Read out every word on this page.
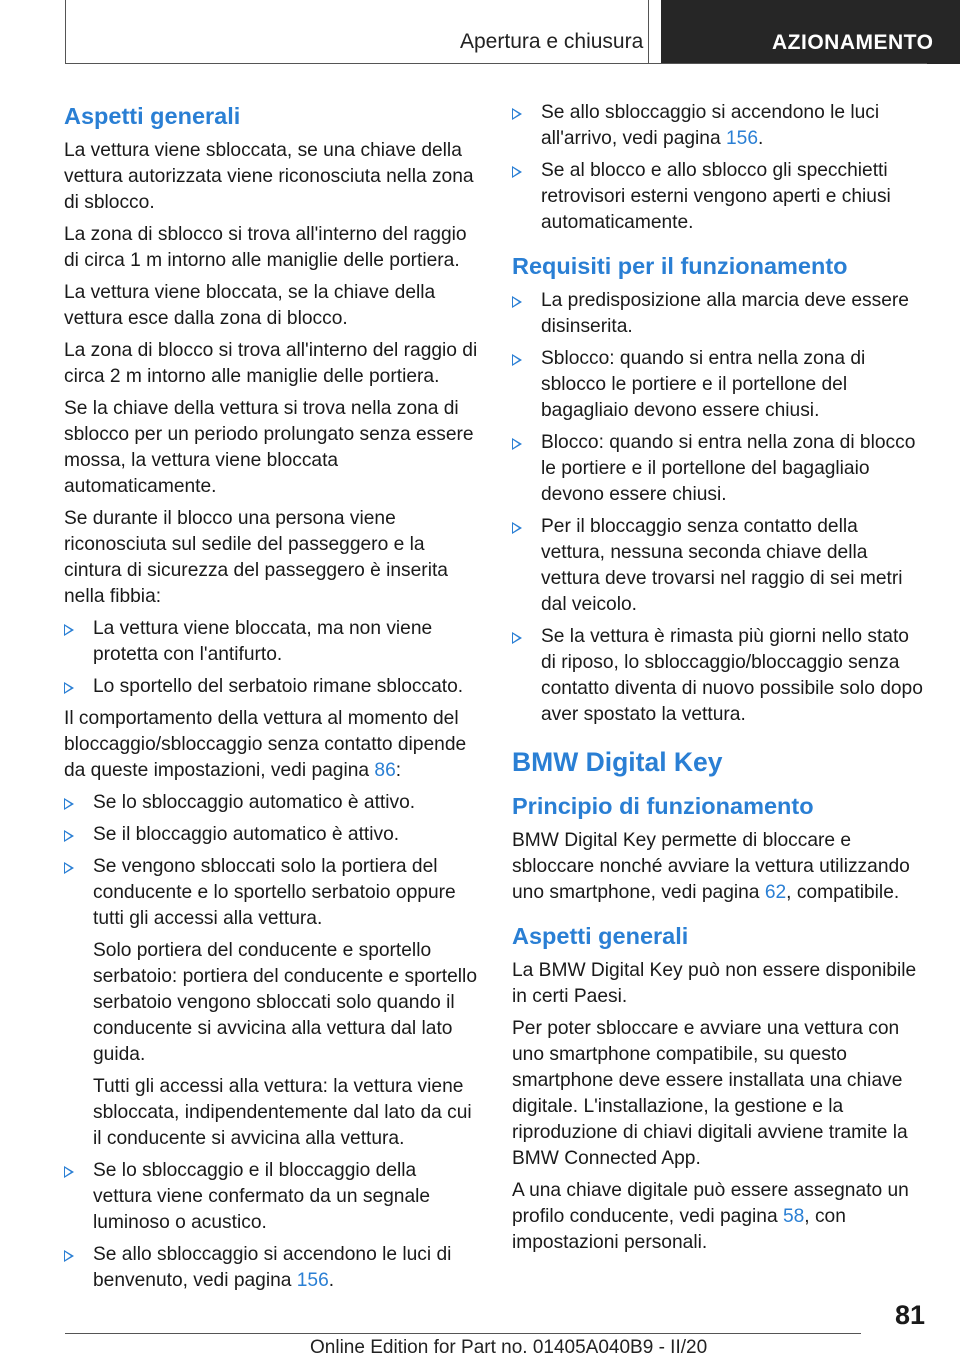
Apertura e chiusura	AZIONAMENTO
Aspetti generali

La vettura viene sbloccata, se una chiave della vettura autorizzata viene riconosciuta nella zona di sblocco.

La zona di sblocco si trova all'interno del raggio di circa 1 m intorno alle maniglie delle portiera.

La vettura viene bloccata, se la chiave della vettura esce dalla zona di blocco.

La zona di blocco si trova all'interno del raggio di circa 2 m intorno alle maniglie delle portiera.

Se la chiave della vettura si trova nella zona di sblocco per un periodo prolungato senza essere mossa, la vettura viene bloccata automaticamente.

Se durante il blocco una persona viene riconosciuta sul sedile del passeggero e la cintura di sicurezza del passeggero è inserita nella fibbia:

La vettura viene bloccata, ma non viene protetta con l'antifurto.
Lo sportello del serbatoio rimane sbloccato.

Il comportamento della vettura al momento del bloccaggio/sbloccaggio senza contatto dipende da queste impostazioni, vedi pagina 86:

Se lo sbloccaggio automatico è attivo.
Se il bloccaggio automatico è attivo.
Se vengono sbloccati solo la portiera del conducente e lo sportello serbatoio oppure tutti gli accessi alla vettura.

Solo portiera del conducente e sportello serbatoio: portiera del conducente e sportello serbatoio vengono sbloccati solo quando il conducente si avvicina alla vettura dal lato guida.

Tutti gli accessi alla vettura: la vettura viene sbloccata, indipendentemente dal lato da cui il conducente si avvicina alla vettura.

Se lo sbloccaggio e il bloccaggio della vettura viene confermato da un segnale luminoso o acustico.
Se allo sbloccaggio si accendono le luci di benvenuto, vedi pagina 156.
Se allo sbloccaggio si accendono le luci all'arrivo, vedi pagina 156.
Se al blocco e allo sblocco gli specchietti retrovisori esterni vengono aperti e chiusi automaticamente.
Requisiti per il funzionamento
La predisposizione alla marcia deve essere disinserita.
Sblocco: quando si entra nella zona di sblocco le portiere e il portellone del bagagliaio devono essere chiusi.
Blocco: quando si entra nella zona di blocco le portiere e il portellone del bagagliaio devono essere chiusi.
Per il bloccaggio senza contatto della vettura, nessuna seconda chiave della vettura deve trovarsi nel raggio di sei metri dal veicolo.
Se la vettura è rimasta più giorni nello stato di riposo, lo sbloccaggio/bloccaggio senza contatto diventa di nuovo possibile solo dopo aver spostato la vettura.
BMW Digital Key
Principio di funzionamento

BMW Digital Key permette di bloccare e sbloccare nonché avviare la vettura utilizzando uno smartphone, vedi pagina 62, compatibile.

Aspetti generali

La BMW Digital Key può non essere disponibile in certi Paesi.

Per poter sbloccare e avviare una vettura con uno smartphone compatibile, su questo smartphone deve essere installata una chiave digitale. L'installazione, la gestione e la riproduzione di chiavi digitali avviene tramite la BMW Connected App.

A una chiave digitale può essere assegnato un profilo conducente, vedi pagina 58, con impostazioni personali.

81
Online Edition for Part no. 01405A040B9 - II/20
